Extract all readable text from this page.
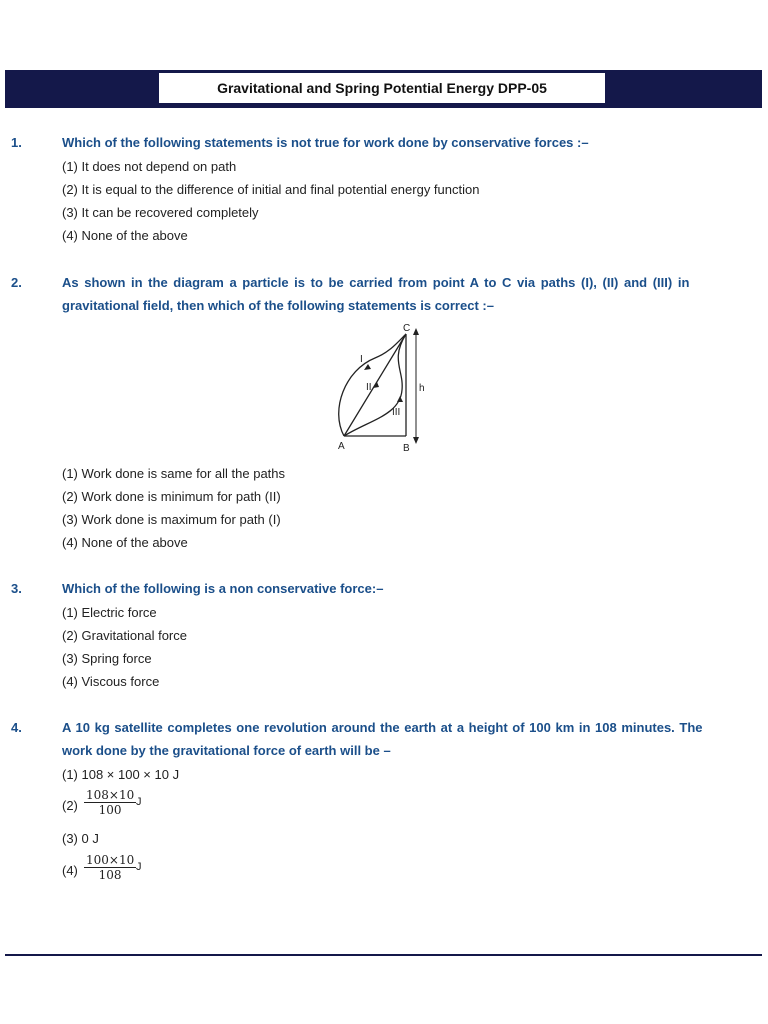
Gravitational and Spring Potential Energy DPP-05
1.	Which of the following statements is not true for work done by conservative forces :–
(1) It does not depend on path
(2) It is equal to the difference of initial and final potential energy function
(3) It can be recovered completely
(4) None of the above
2.	As shown in the diagram a particle is to be carried from point A to C via paths (I), (II) and (III) in
gravitational field, then which of the following statements is correct :–
C
A	B
h
I
II
III
(1) Work done is same for all the paths
(2) Work done is minimum for path (II)
(3) Work done is maximum for path (I)
(4) None of the above
3.	Which of the following is a non conservative force:–
(1) Electric force
(2) Gravitational force
(3) Spring force
(4) Viscous force
4.	A 10 kg satellite completes one revolution around the earth at a height of 100 km in 108 minutes. The
work done by the gravitational force of earth will be –
(1) 108 × 100 × 10 J
$(2) \frac{108\times 10}{100}$ J
(3) 0 J
$(4) \frac{100\times 10}{108}$ J
